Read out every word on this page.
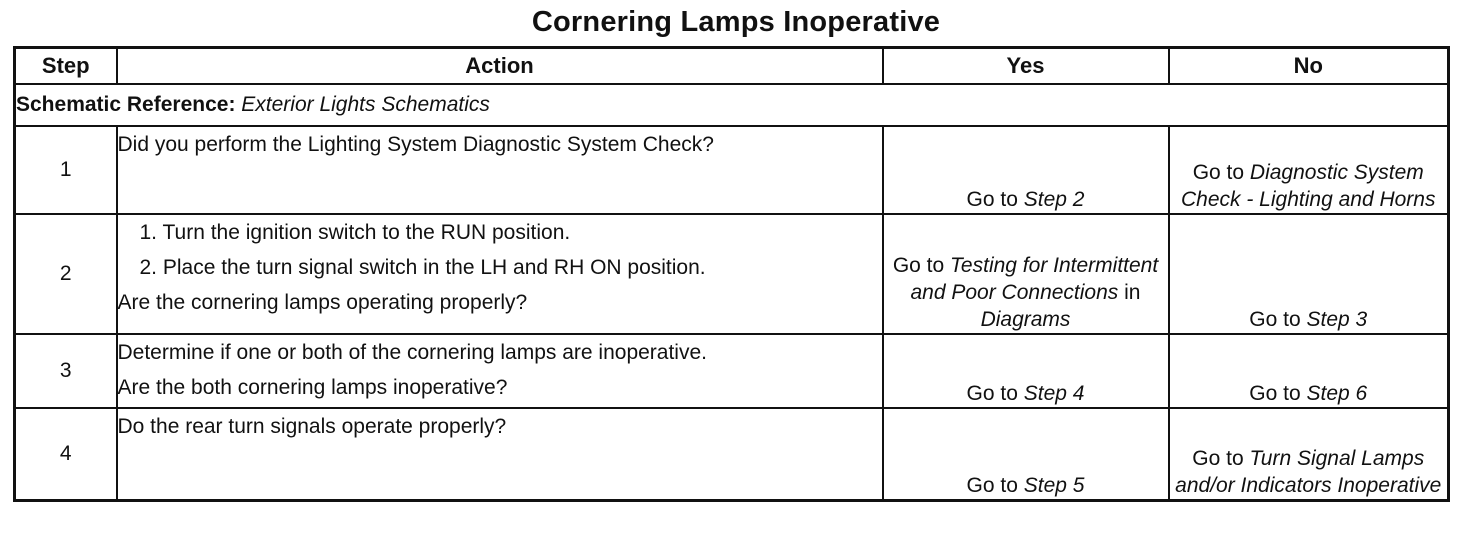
Cornering Lamps Inoperative
Step	Action	Yes	No
Schematic Reference: Exterior Lights Schematics			
1	Did you perform the Lighting System Diagnostic System Check?	Go to Step 2	Go to Diagnostic System Check - Lighting and Horns
2	1. Turn the ignition switch to the RUN position.
2. Place the turn signal switch in the LH and RH ON position.
Are the cornering lamps operating properly?	Go to Testing for Intermittent and Poor Connections in Diagrams	Go to Step 3
3	Determine if one or both of the cornering lamps are inoperative.
Are the both cornering lamps inoperative?	Go to Step 4	Go to Step 6
4	Do the rear turn signals operate properly?	Go to Step 5	Go to Turn Signal Lamps and/or Indicators Inoperative
